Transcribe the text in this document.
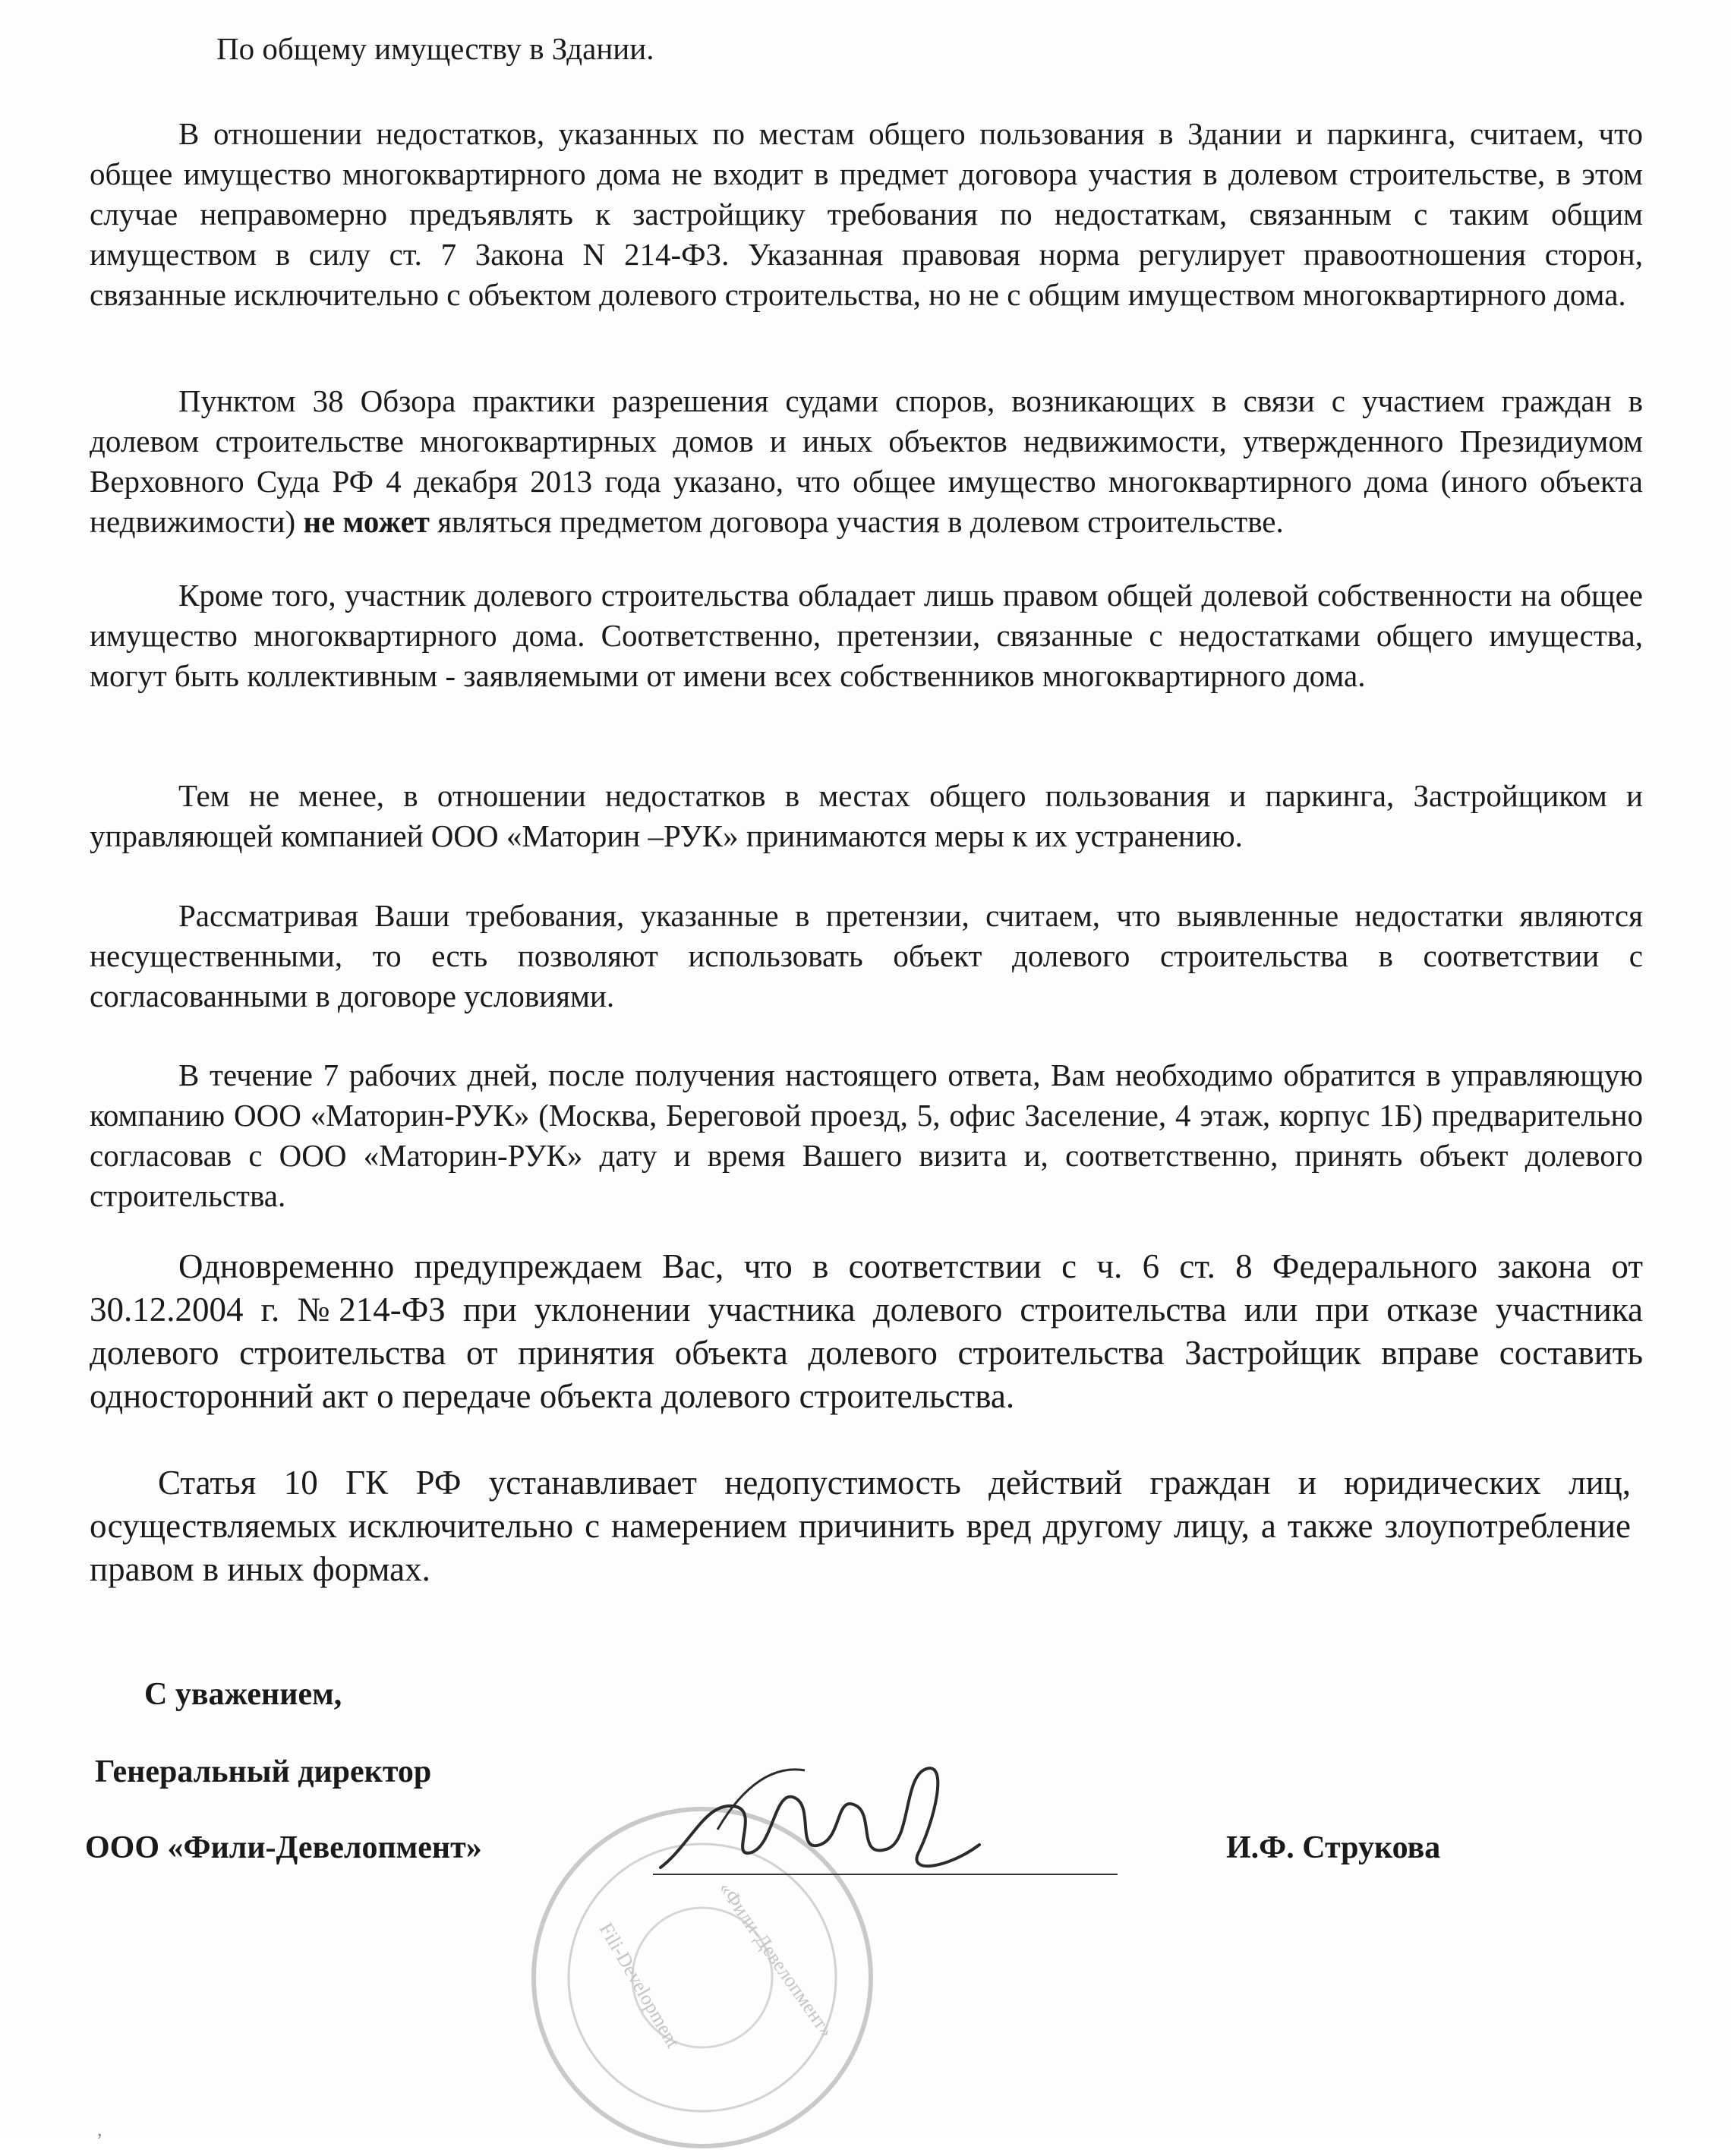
По общему имуществу в Здании.

В отношении недостатков, указанных по местам общего пользования в Здании и паркинга, считаем, что общее имущество многоквартирного дома не входит в предмет договора участия в долевом строительстве, в этом случае неправомерно предъявлять к застройщику требования по недостаткам, связанным с таким общим имуществом в силу ст. 7 Закона N 214-ФЗ. Указанная правовая норма регулирует правоотношения сторон, связанные исключительно с объектом долевого строительства, но не с общим имуществом многоквартирного дома.

Пунктом 38 Обзора практики разрешения судами споров, возникающих в связи с участием граждан в долевом строительстве многоквартирных домов и иных объектов недвижимости, утвержденного Президиумом Верховного Суда РФ 4 декабря 2013 года указано, что общее имущество многоквартирного дома (иного объекта недвижимости) не может являться предметом договора участия в долевом строительстве.

Кроме того, участник долевого строительства обладает лишь правом общей долевой собственности на общее имущество многоквартирного дома. Соответственно, претензии, связанные с недостатками общего имущества, могут быть коллективным - заявляемыми от имени всех собственников многоквартирного дома.

Тем не менее, в отношении недостатков в местах общего пользования и паркинга, Застройщиком и управляющей компанией ООО «Маторин –РУК» принимаются меры к их устранению.

Рассматривая Ваши требования, указанные в претензии, считаем, что выявленные недостатки являются несущественными, то есть позволяют использовать объект долевого строительства в соответствии с согласованными в договоре условиями.

В течение 7 рабочих дней, после получения настоящего ответа, Вам необходимо обратится в управляющую компанию ООО «Маторин-РУК» (Москва, Береговой проезд, 5, офис Заселение, 4 этаж, корпус 1Б) предварительно согласовав с ООО «Маторин-РУК» дату и время Вашего визита и, соответственно, принять объект долевого строительства.

Одновременно предупреждаем Вас, что в соответствии с ч. 6 ст. 8 Федерального закона от 30.12.2004 г. №214-ФЗ при уклонении участника долевого строительства или при отказе участника долевого строительства от принятия объекта долевого строительства Застройщик вправе составить односторонний акт о передаче объекта долевого строительства.

Статья 10 ГК РФ устанавливает недопустимость действий граждан и юридических лиц, осуществляемых исключительно с намерением причинить вред другому лицу, а также злоупотребление правом в иных формах.

С уважением,
Генеральный директор
ООО «Фили-Девелопмент»	И.Ф. Струкова
«Фили-Девелопмент»
Fili-Development
,
